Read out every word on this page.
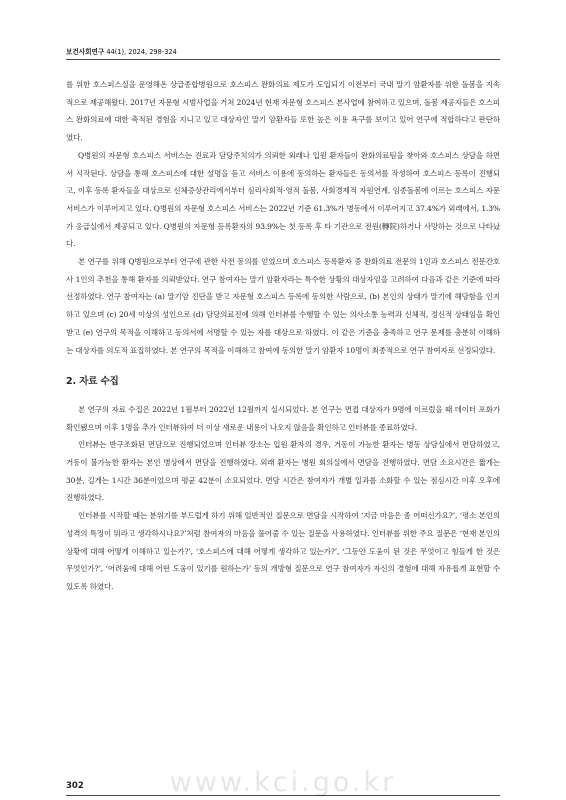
보건사회연구 44(1), 2024, 298-324

를 위한 호스피스실을 운영해온 상급종합병원으로 호스피스 완화의료 제도가 도입되기 이전부터 국내 말기 암환자를 위한 돌봄을 지속적으로 제공해왔다. 2017년 자문형 시범사업을 거쳐 2024년 현재 자문형 호스피스 본사업에 참여하고 있으며, 돌봄 제공자들은 호스피스 완화의료에 대한 축적된 경험을 지니고 있고 대상자인 말기 암환자들 또한 높은 이용 욕구를 보이고 있어 연구에 적합하다고 판단하였다.

Q병원의 자문형 호스피스 서비스는 진료과 담당주치의가 의뢰한 외래나 입원 환자들이 완화의료팀을 찾아와 호스피스 상담을 하면서 시작된다. 상담을 통해 호스피스에 대한 설명을 듣고 서비스 이용에 동의하는 환자들은 동의서를 작성하여 호스피스 등록이 진행되고, 이후 등록 환자들을 대상으로 신체증상관리에서부터 심리사회적·영적 돌봄, 사회경제적 자원연계, 임종돌봄에 이르는 호스피스 자문서비스가 이루어지고 있다. Q병원의 자문형 호스피스 서비스는 2022년 기준 61.3%가 병동에서 이루어지고 37.4%가 외래에서, 1.3%가 응급실에서 제공되고 있다. Q병원의 자문형 등록환자의 93.9%는 첫 등록 후 타 기관으로 전원(轉院)하거나 사망하는 것으로 나타났다.

본 연구를 위해 Q병원으로부터 연구에 관한 사전 동의를 얻었으며 호스피스 등록환자 중 완화의료 전문의 1인과 호스피스 전문간호사 1인의 추천을 통해 환자를 의뢰받았다. 연구 참여자는 말기 암환자라는 특수한 상황의 대상자임을 고려하여 다음과 같은 기준에 따라 선정하였다. 연구 참여자는 (a) 말기암 진단을 받고 자문형 호스피스 등록에 동의한 사람으로, (b) 본인의 상태가 말기에 해당함을 인지하고 있으며 (c) 20세 이상의 성인으로 (d) 담당의료진에 의해 인터뷰를 수행할 수 있는 의사소통 능력과 신체적, 정신적 상태임을 확인받고 (e) 연구의 목적을 이해하고 동의서에 서명할 수 있는 자를 대상으로 하였다. 이 같은 기준을 충족하고 연구 문제를 충분히 이해하는 대상자를 의도적 표집하였다. 본 연구의 목적을 이해하고 참여에 동의한 말기 암환자 10명이 최종적으로 연구 참여자로 선정되었다.

2. 자료 수집

본 연구의 자료 수집은 2022년 1월부터 2022년 12월까지 실시되었다. 본 연구는 면접 대상자가 9명에 이르렀을 때 데이터 포화가 확인됐으며 이후 1명을 추가 인터뷰하여 더 이상 새로운 내용이 나오지 않음을 확인하고 인터뷰를 종료하였다.

인터뷰는 반구조화된 면담으로 진행되었으며 인터뷰 장소는 입원 환자의 경우, 거동이 가능한 환자는 병동 상담실에서 면담하였고, 거동이 불가능한 환자는 본인 병상에서 면담을 진행하였다. 외래 환자는 병원 회의실에서 면담을 진행하였다. 면담 소요시간은 짧게는 30분, 길게는 1시간 36분이었으며 평균 42분이 소요되었다. 면담 시간은 참여자가 개별 일과를 소화할 수 있는 점심시간 이후 오후에 진행하였다.

인터뷰를 시작할 때는 분위기를 부드럽게 하기 위해 일반적인 질문으로 면담을 시작하여 ‘지금 마음은 좀 어떠신가요?’, ‘평소 본인의 성격의 특징이 뭐라고 생각하시나요?’처럼 참여자의 마음을 풀어줄 수 있는 질문을 사용하였다. 인터뷰를 위한 주요 질문은 ‘현재 본인의 상황에 대해 어떻게 이해하고 있는가?’, ‘호스피스에 대해 어떻게 생각하고 있는가?’, ‘그동안 도움이 된 것은 무엇이고 힘들게 한 것은 무엇인가?’, ‘어려움에 대해 어떤 도움이 있기를 원하는가’ 등의 개방형 질문으로 연구 참여자가 자신의 경험에 대해 자유롭게 표현할 수 있도록 하였다.

www.kci.go.kr
302
